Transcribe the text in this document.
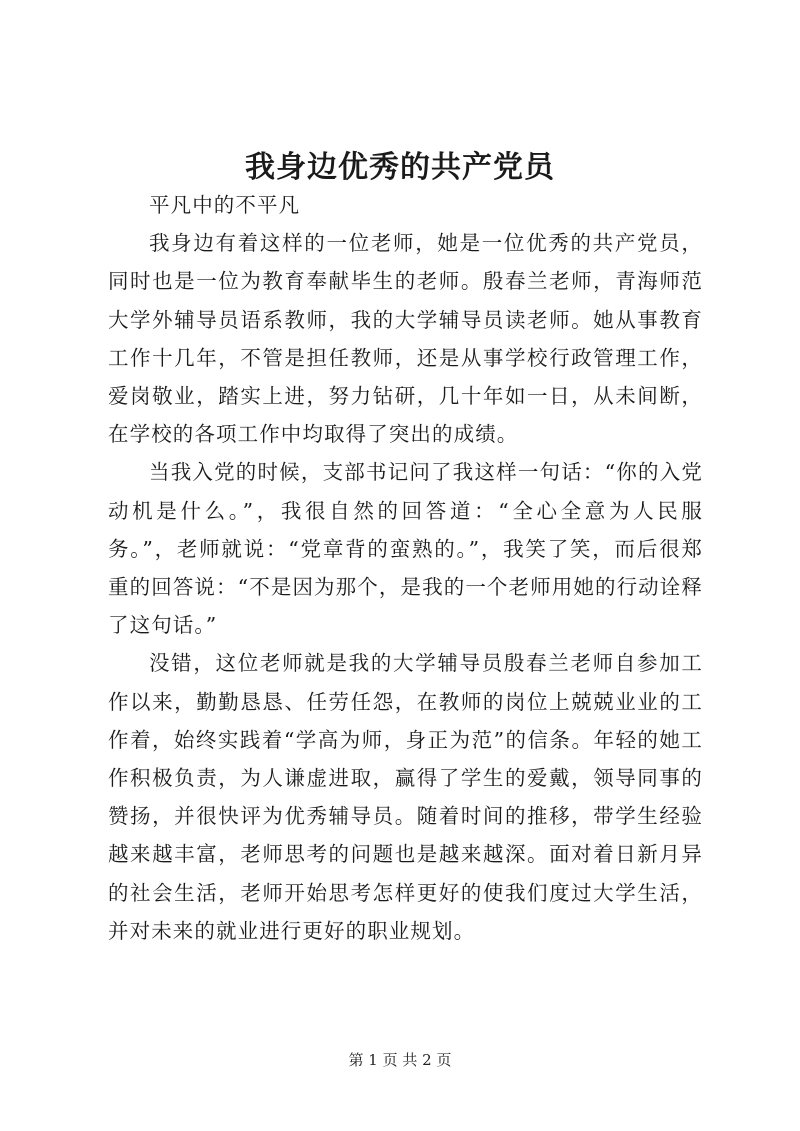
我身边优秀的共产党员

平凡中的不平凡

我身边有着这样的一位老师，她是一位优秀的共产党员，同时也是一位为教育奉献毕生的老师。殷春兰老师，青海师范大学外辅导员语系教师，我的大学辅导员读老师。她从事教育工作十几年，不管是担任教师，还是从事学校行政管理工作，爱岗敬业，踏实上进，努力钻研，几十年如一日，从未间断，在学校的各项工作中均取得了突出的成绩。

当我入党的时候，支部书记问了我这样一句话：“你的入党动机是什么。”，我很自然的回答道：“全心全意为人民服务。”，老师就说：“党章背的蛮熟的。”，我笑了笑，而后很郑重的回答说：“不是因为那个，是我的一个老师用她的行动诠释了这句话。”

没错，这位老师就是我的大学辅导员殷春兰老师自参加工作以来，勤勤恳恳、任劳任怨，在教师的岗位上兢兢业业的工作着，始终实践着“学高为师，身正为范”的信条。年轻的她工作积极负责，为人谦虚进取，赢得了学生的爱戴，领导同事的赞扬，并很快评为优秀辅导员。随着时间的推移，带学生经验越来越丰富，老师思考的问题也是越来越深。面对着日新月异的社会生活，老师开始思考怎样更好的使我们度过大学生活，并对未来的就业进行更好的职业规划。

第 1 页 共 2 页
